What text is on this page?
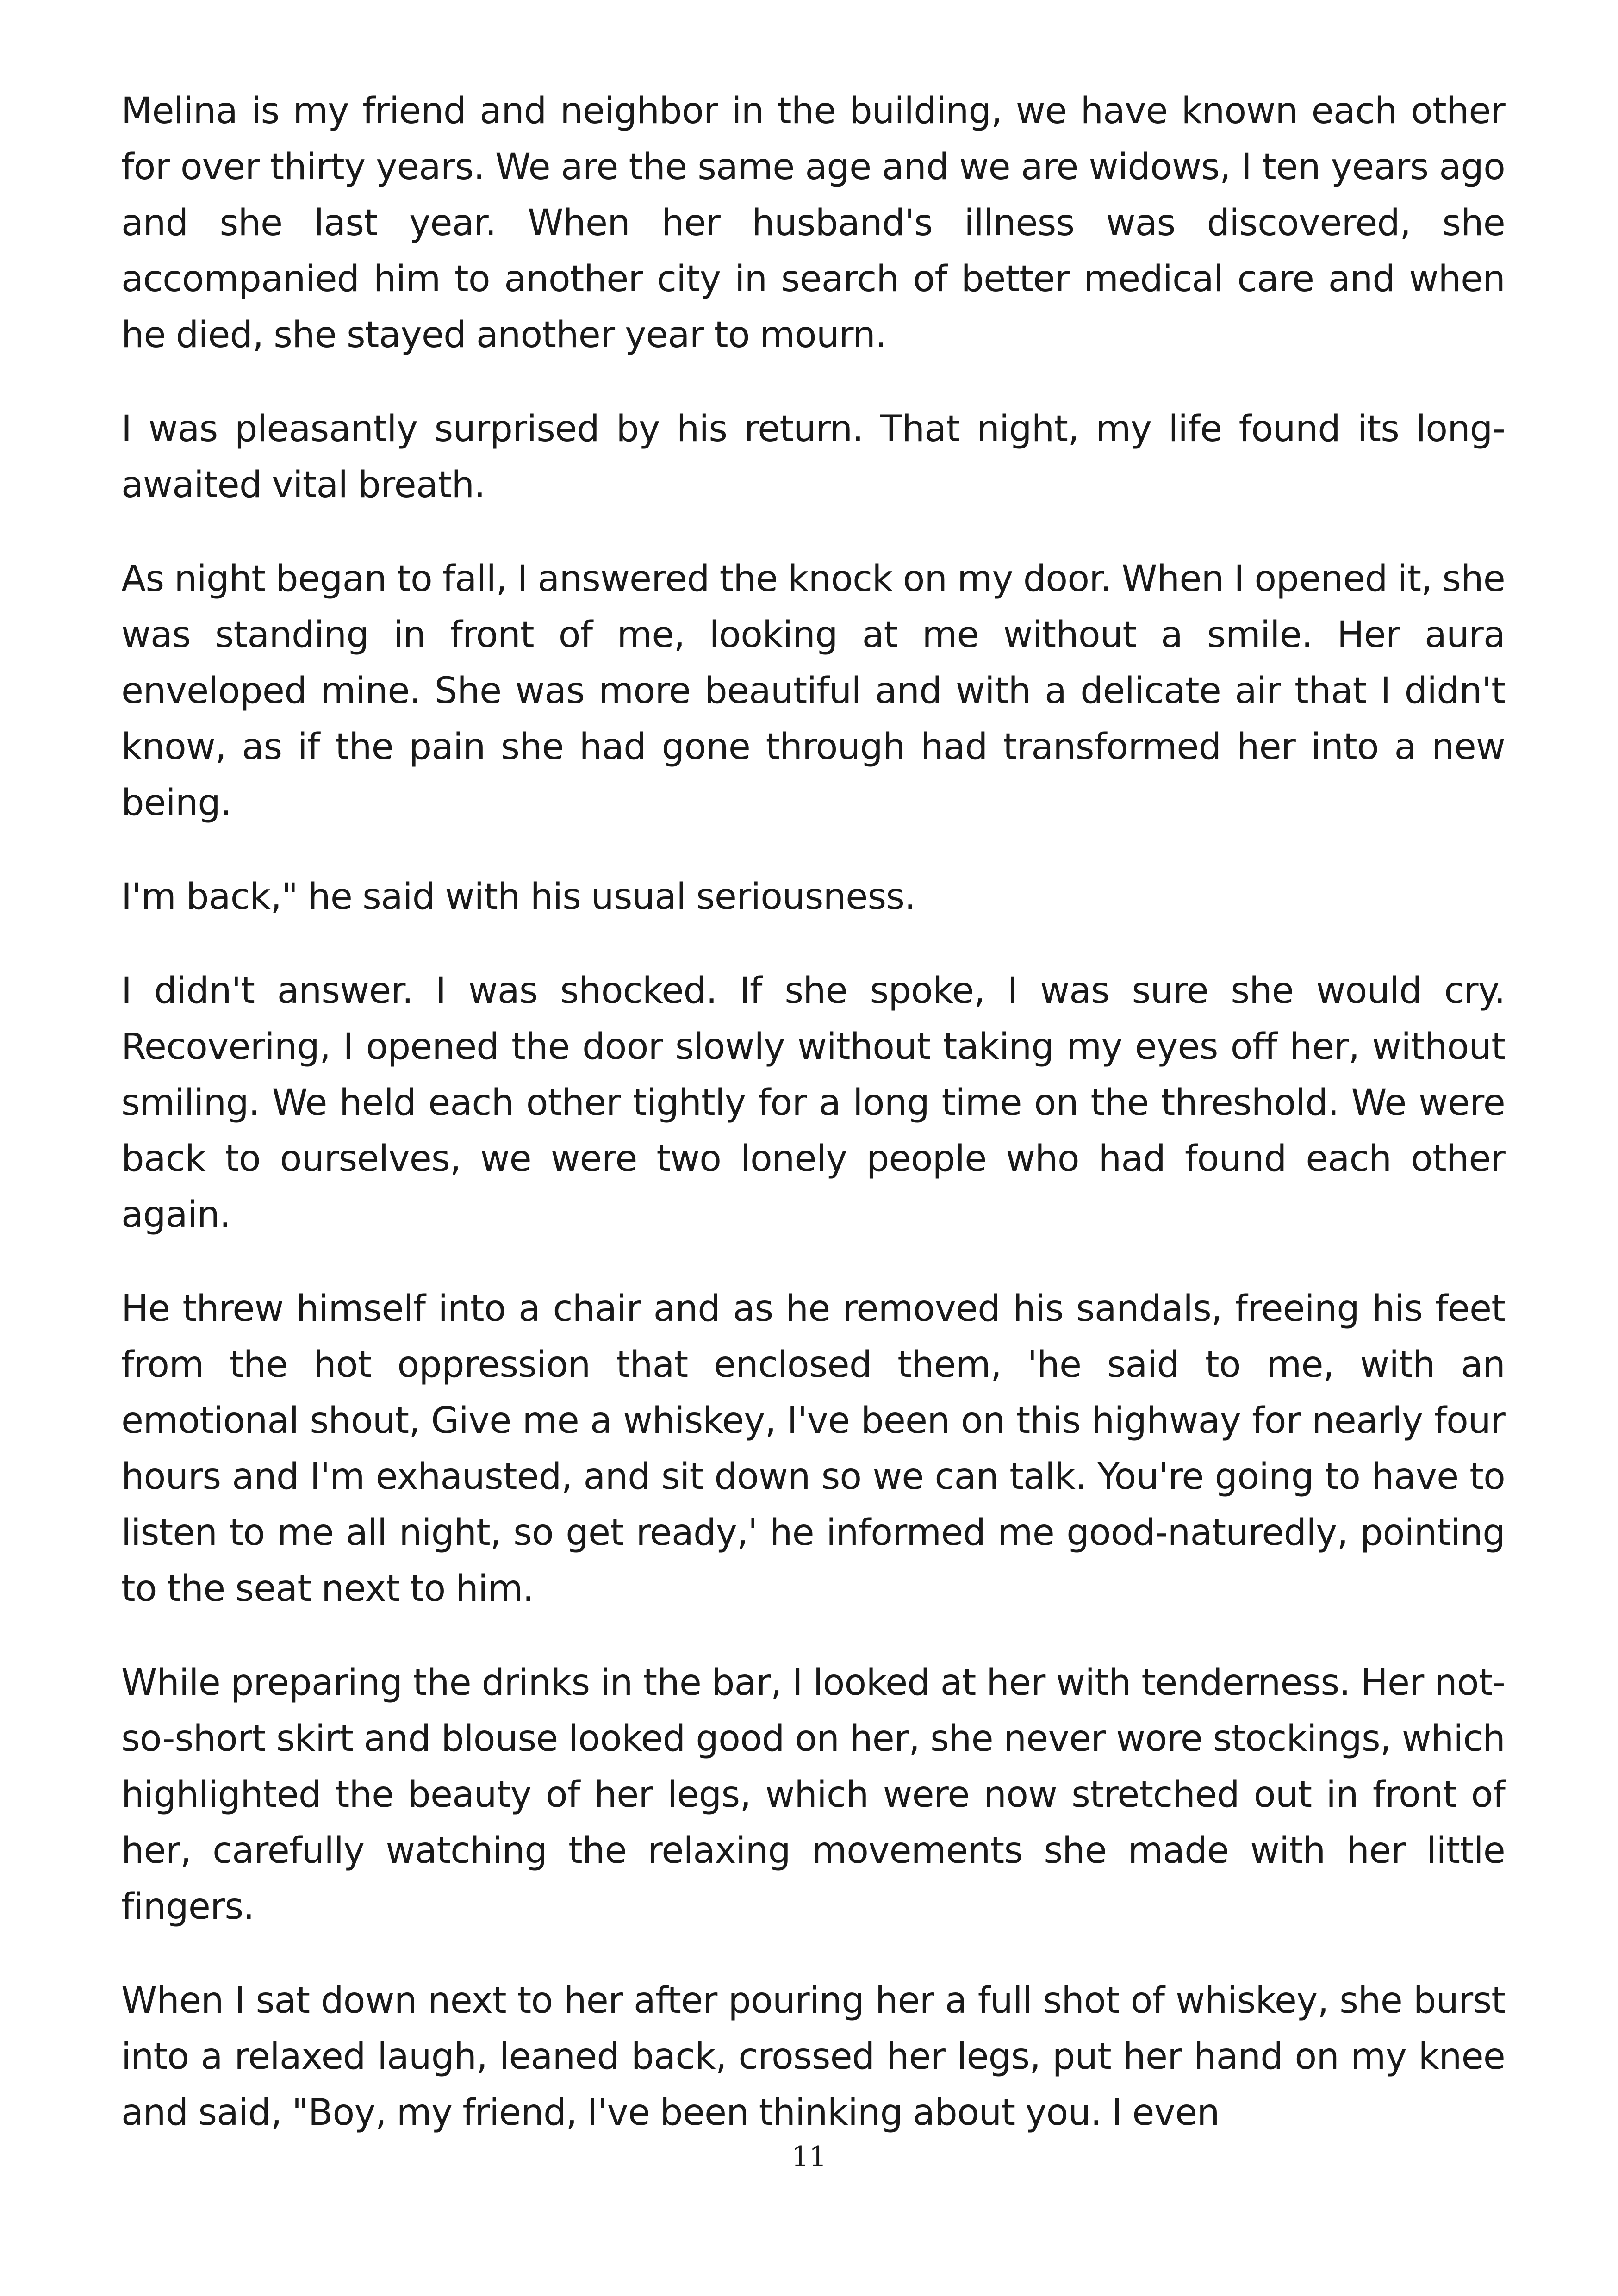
Melina is my friend and neighbor in the building, we have known each other for over thirty years. We are the same age and we are widows, I ten years ago and she last year. When her husband's illness was discovered, she accompanied him to another city in search of better medical care and when he died, she stayed another year to mourn.

I was pleasantly surprised by his return. That night, my life found its long-awaited vital breath.

As night began to fall, I answered the knock on my door. When I opened it, she was standing in front of me, looking at me without a smile. Her aura enveloped mine. She was more beautiful and with a delicate air that I didn't know, as if the pain she had gone through had transformed her into a new being.

I'm back," he said with his usual seriousness.

I didn't answer. I was shocked. If she spoke, I was sure she would cry. Recovering, I opened the door slowly without taking my eyes off her, without smiling. We held each other tightly for a long time on the threshold. We were back to ourselves, we were two lonely people who had found each other again.

He threw himself into a chair and as he removed his sandals, freeing his feet from the hot oppression that enclosed them, 'he said to me, with an emotional shout, Give me a whiskey, I've been on this highway for nearly four hours and I'm exhausted, and sit down so we can talk. You're going to have to listen to me all night, so get ready,' he informed me good-naturedly, pointing to the seat next to him.

While preparing the drinks in the bar, I looked at her with tenderness. Her not-so-short skirt and blouse looked good on her, she never wore stockings, which highlighted the beauty of her legs, which were now stretched out in front of her, carefully watching the relaxing movements she made with her little fingers.

When I sat down next to her after pouring her a full shot of whiskey, she burst into a relaxed laugh, leaned back, crossed her legs, put her hand on my knee and said, "Boy, my friend, I've been thinking about you. I even

11
